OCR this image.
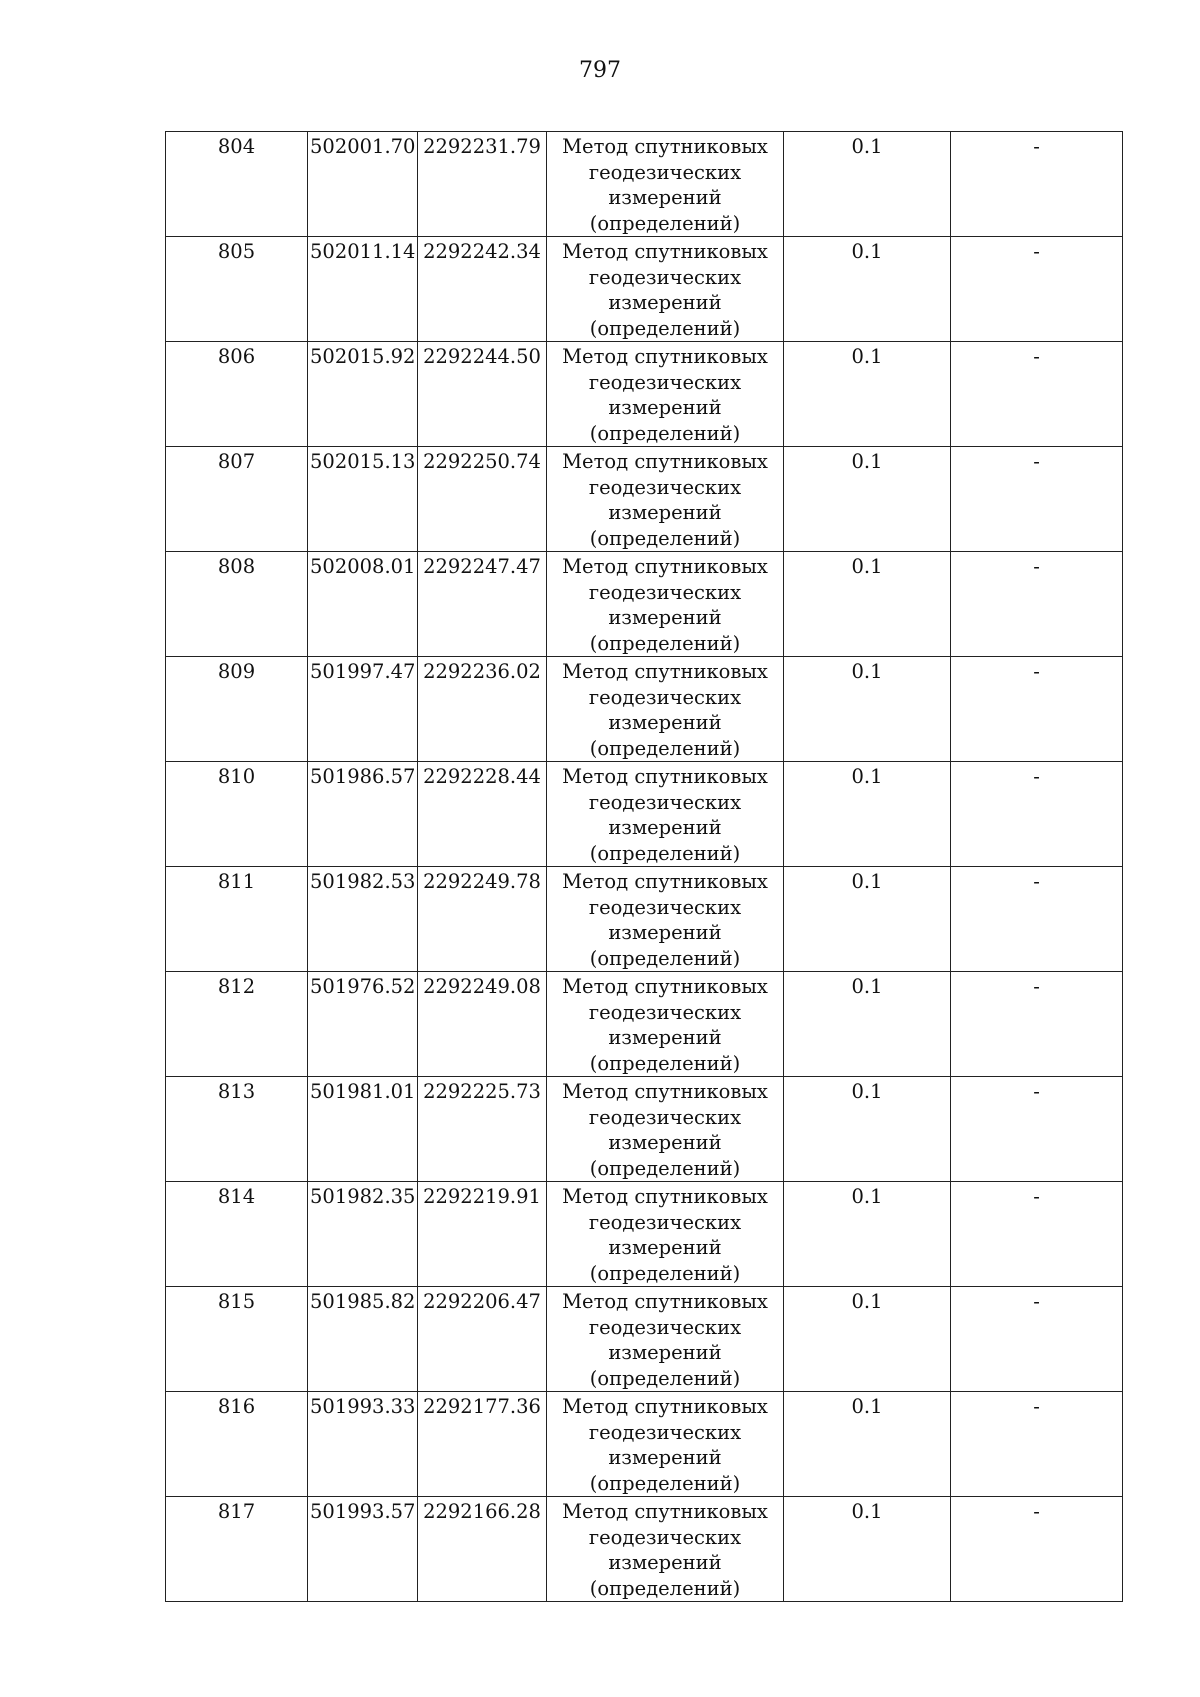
797
804	502001.70	2292231.79	Метод спутниковых геодезических измерений (определений)	0.1	-
805	502011.14	2292242.34	Метод спутниковых геодезических измерений (определений)	0.1	-
806	502015.92	2292244.50	Метод спутниковых геодезических измерений (определений)	0.1	-
807	502015.13	2292250.74	Метод спутниковых геодезических измерений (определений)	0.1	-
808	502008.01	2292247.47	Метод спутниковых геодезических измерений (определений)	0.1	-
809	501997.47	2292236.02	Метод спутниковых геодезических измерений (определений)	0.1	-
810	501986.57	2292228.44	Метод спутниковых геодезических измерений (определений)	0.1	-
811	501982.53	2292249.78	Метод спутниковых геодезических измерений (определений)	0.1	-
812	501976.52	2292249.08	Метод спутниковых геодезических измерений (определений)	0.1	-
813	501981.01	2292225.73	Метод спутниковых геодезических измерений (определений)	0.1	-
814	501982.35	2292219.91	Метод спутниковых геодезических измерений (определений)	0.1	-
815	501985.82	2292206.47	Метод спутниковых геодезических измерений (определений)	0.1	-
816	501993.33	2292177.36	Метод спутниковых геодезических измерений (определений)	0.1	-
817	501993.57	2292166.28	Метод спутниковых геодезических измерений (определений)	0.1	-
